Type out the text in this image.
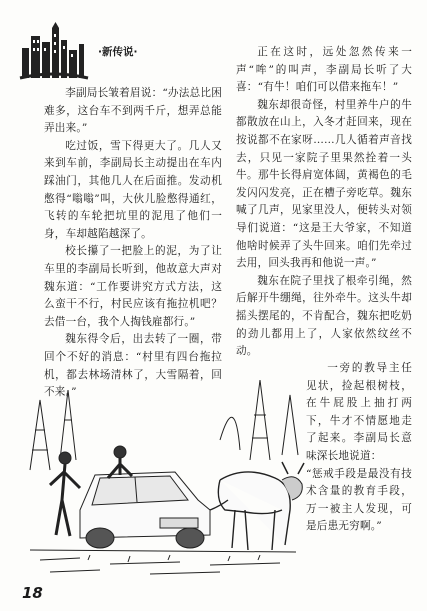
·新传说·

李副局长皱着眉说：“办法总比困难多，这台车不到两千斤，想弄总能弄出来。”

吃过饭，雪下得更大了。几人又来到车前，李副局长主动提出在车内踩油门，其他几人在后面推。发动机憋得“嗡嗡”叫，大伙儿脸憋得通红，飞转的车轮把坑里的泥甩了他们一身，车却越陷越深了。

校长攥了一把脸上的泥，为了让车里的李副局长听到，他故意大声对魏东道：“工作要讲究方式方法，这么蛮干不行，村民应该有拖拉机吧？去借一台，我个人掏钱雇都行。”

魏东得令后，出去转了一圈，带回个不好的消息：“村里有四台拖拉机，都去林场清林了，大雪隔着，回不来。”

正在这时，远处忽然传来一声“哞”的叫声，李副局长听了大喜：“有牛！咱们可以借来拖车！”

魏东却很奇怪，村里养牛户的牛都散放在山上，入冬才赶回来，现在按说都不在家呀……几人循着声音找去，只见一家院子里果然拴着一头牛。那牛长得肩宽体阔，黄褐色的毛发闪闪发亮，正在槽子旁吃草。魏东喊了几声，见家里没人，便转头对领导们说道：“这是王大爷家，不知道他啥时候弄了头牛回来。咱们先牵过去用，回头我再和他说一声。”

魏东在院子里找了根牵引绳，然后解开牛绷绳，往外牵牛。这头牛却摇头摆尾的，不肯配合，魏东把吃奶的劲儿都用上了，人家依然纹丝不动。

一旁的教导主任见状，捡起根树枝，在牛屁股上抽打两下，牛才不情愿地走了起来。李副局长意味深长地说道：

“惩戒手段是最没有技术含量的教育手段，万一被主人发现，可是后患无穷啊。”

18
